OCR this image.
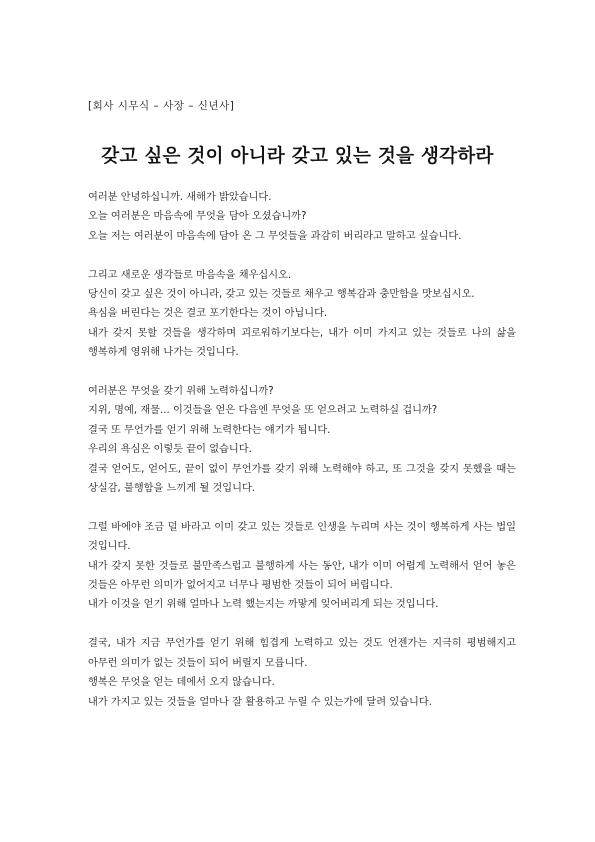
[회사 시무식 – 사장 – 신년사]
갖고 싶은 것이 아니라 갖고 있는 것을 생각하라
여러분 안녕하십니까. 새해가 밝았습니다.
오늘 여러분은 마음속에 무엇을 담아 오셨습니까?
오늘 저는 여러분이 마음속에 담아 온 그 무엇들을 과감히 버리라고 말하고 싶습니다.
그리고 새로운 생각들로 마음속을 채우십시오.
당신이 갖고 싶은 것이 아니라, 갖고 있는 것들로 채우고 행복감과 충만함을 맛보십시오.
욕심을 버린다는 것은 결코 포기한다는 것이 아닙니다.
내가 갖지 못할 것들을 생각하며 괴로워하기보다는, 내가 이미 가지고 있는 것들로 나의 삶을 행복하게 영위해 나가는 것입니다.
여러분은 무엇을 갖기 위해 노력하십니까?
지위, 명예, 재물... 이것들을 얻은 다음엔 무엇을 또 얻으려고 노력하실 겁니까?
결국 또 무언가를 얻기 위해 노력한다는 얘기가 됩니다.
우리의 욕심은 이렇듯 끝이 없습니다.
결국 얻어도, 얻어도, 끝이 없이 무언가를 갖기 위해 노력해야 하고, 또 그것을 갖지 못했을 때는 상실감, 불행함을 느끼게 될 것입니다.
그럴 바에야 조금 덜 바라고 이미 갖고 있는 것들로 인생을 누리며 사는 것이 행복하게 사는 법일 것입니다.
내가 갖지 못한 것들로 불만족스럽고 불행하게 사는 동안, 내가 이미 어렵게 노력해서 얻어 놓은 것들은 아무런 의미가 없어지고 너무나 평범한 것들이 되어 버립니다.
내가 이것을 얻기 위해 얼마나 노력 했는지는 까맣게 잊어버리게 되는 것입니다.
결국, 내가 지금 무언가를 얻기 위해 힘겹게 노력하고 있는 것도 언젠가는 지극히 평범해지고 아무런 의미가 없는 것들이 되어 버릴지 모릅니다.
행복은 무엇을 얻는 데에서 오지 않습니다.
내가 가지고 있는 것들을 얼마나 잘 활용하고 누릴 수 있는가에 달려 있습니다.
